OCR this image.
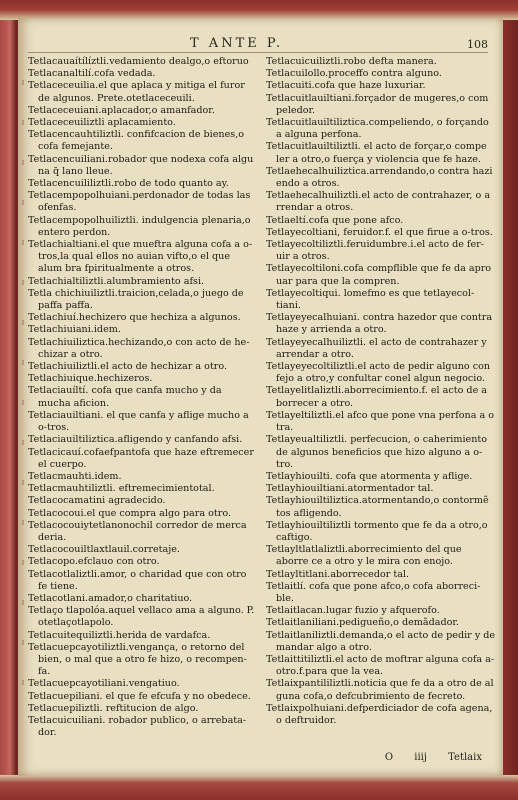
T ANTE P.	108

Tetlacauaítílíztli.vedamiento dealgo,o eftoruo

Tetlacanaltilí.cofa vedada.

Tetlaceceuilia.el que aplaca y mitiga el furor de algunos. Prete.otetlaceceuili.

Tetlaceceuiani.aplacador,o amanfador.

Tetlaceceuiliztli aplacamiento.

Tetlacencauhtiliztli. confifcacion de bienes,o cofa femejante.

Tetlacencuiliani.robador que nodexa cofa algu na q̃ lano lleue.

Tetlacencuililiztli.robo de todo quanto ay.

Tetlacempopolhuiani.perdonador de todas las ofenfas.

Tetlacempopolhuiliztli. indulgencia plenaria,o entero perdon.

Tetlachialtiani.el que mueftra alguna cofa a o-tros,la qual ellos no auian vifto,o el que alum bra fpiritualmente a otros.

Tetlachialtiliztli.alumbramiento afsi.

Tetla chichiuiliztli.traicion,celada,o juego de paffa paffa.

Tetlachiuí.hechizero que hechiza a algunos.

Tetlachiuiani.idem.

Tetlachiuiliztica.hechizando,o con acto de he-chizar a otro.

Tetlachiuiliztli.el acto de hechizar a otro.

Tetlachiuique.hechizeros.

Tetlaciauíltí. cofa que canfa mucho y da mucha aficion.

Tetlaciauiltiani. el que canfa y aflige mucho a o-tros.

Tetlaciauiltiliztica.afligendo y canfando afsi.

Tetlacicauí.cofaefpantofa que haze eftremecer el cuerpo.

Tetlacmauhti.idem.

Tetlacmauhtiliztli. eftremecimientotal.

Tetlacocamatini agradecido.

Tetlacocoui.el que compra algo para otro.

Tetlacocouiytetlanonochil corredor de merca deria.

Tetlacocouiltlaxtlauil.corretaje.

Tetlacopo.efclauo con otro.

Tetlacotlaliztli.amor, o charidad que con otro fe tiene.

Tetlacotlani.amador,o charitatiuo.

Tetlaço tlapolóa.aquel vellaco ama a alguno. P. otetlaçotlapolo.

Tetlacuitequiliztli.herida de vardafca.

Tetlacuepcayotiliztli.vengança, o retorno del bien, o mal que a otro fe hizo, o recompen-fa.

Tetlacuepcayotiliani.vengatiuo.

Tetlacuepiliani. el que fe efcufa y no obedece.

Tetlacuepiliztli. reftitucion de algo.

Tetlacuicuiliani. robador publico, o arrebata-dor.

Tetlacuicuiliztli.robo defta manera.

Tetlacuilollo.proceffo contra alguno.

Tetlacuiti.cofa que haze luxuriar.

Tetlacuitlauiltiani.forçador de mugeres,o com peledor.

Tetlacuitlauiltiliztica.compeliendo, o forçando a alguna perfona.

Tetlacuitlauiltiliztli. el acto de forçar,o compe ler a otro,o fuerça y violencia que fe haze.

Tetlaehecalhuiliztica.arrendando,o contra hazi endo a otros.

Tetlaehecalhuiliztli.el acto de contrahazer, o a rrendar a otros.

Tetlaeltí.cofa que pone afco.

Tetlayecoltiani, feruidor.f. el que firue a o-tros.

Tetlayecoltiliztli.feruidumbre.i.el acto de fer-uir a otros.

Tetlayecoltiloni.cofa compflible que fe da apro uar para que la compren.

Tetlayecoltiqui. lomefmo es que tetlayecol-tiani.

Tetlayeyecalhuiani. contra hazedor que contra haze y arrienda a otro.

Tetlayeyecalhuiliztli. el acto de contrahazer y arrendar a otro.

Tetlayeyecoltiliztli.el acto de pedir alguno con fejo a otro,y confultar conel algun negocio.

Tetlayelitlaliztli.aborrecimiento.f. el acto de a borrecer a otro.

Tetlayeltiliztli.el afco que pone vna perfona a o tra.

Tetlayeualtiliztli. perfecucion, o caherimiento de algunos beneficios que hizo alguno a o-tro.

Tetlayhiouilti. cofa que atormenta y aflige.

Tetlayhiouiltiani.atormentador tal.

Tetlayhiouiltiliztica.atormentando,o contormẽ tos afligendo.

Tetlayhiouiltiliztli tormento que fe da a otro,o caftigo.

Tetlayltlatlaliztli.aborrecimiento del que aborre ce a otro y le mira con enojo.

Tetlayltitlani.aborrecedor tal.

Tetlaitlí. cofa que pone afco,o cofa aborreci-ble.

Tetlaitlacan.lugar fuzio y afquerofo.

Tetlaitlaniliani.pedigueño,o demãdador.

Tetlaitlaniliztli.demanda,o el acto de pedir y de mandar algo a otro.

Tetlaittitiliztli.el acto de moftrar alguna cofa a-otro.f.para que la vea.

Tetlaixpantililiztli.noticia que fe da a otro de al guna cofa,o defcubrimiento de fecreto.

Tetlaixpolhuiani.defperdiciador de cofa agena, o deftruidor.

O iiij Tetlaix
